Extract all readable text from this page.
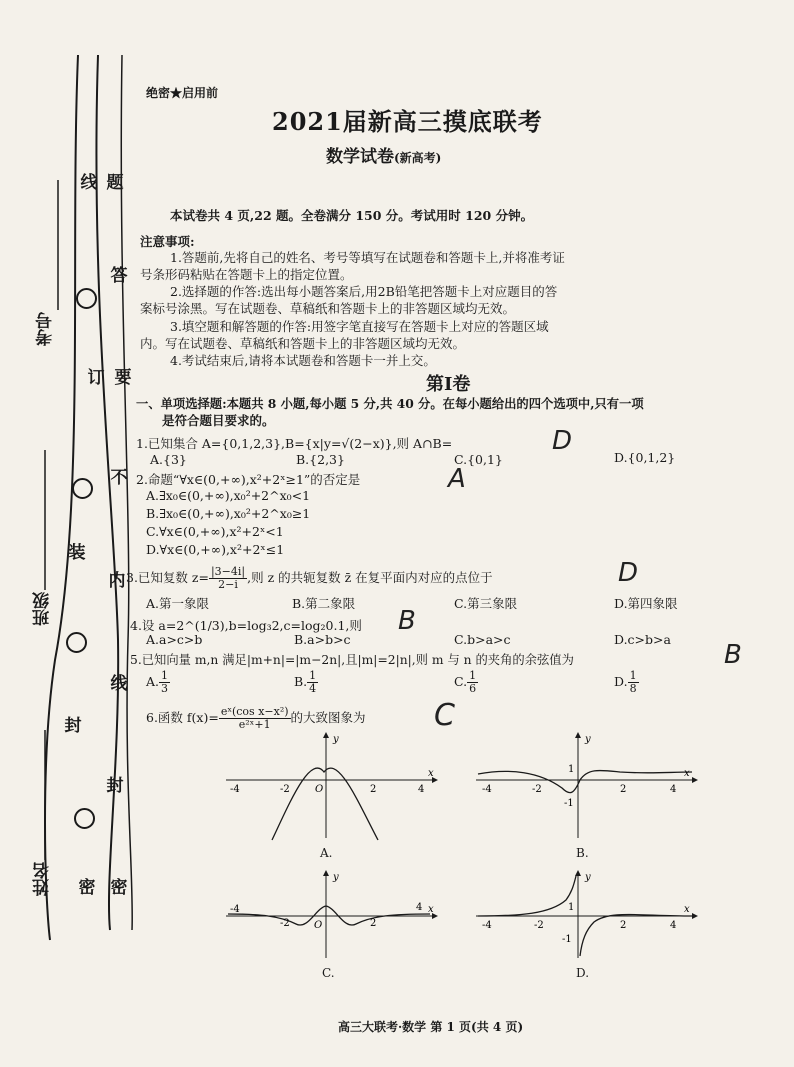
考号
班级
姓名
线
订
装
封
密
题
答
要
不
内
线
封
密
绝密★启用前
2021届新高三摸底联考
数学试卷(新高考)
本试卷共 4 页,22 题。全卷满分 150 分。考试用时 120 分钟。
注意事项:
1.答题前,先将自己的姓名、考号等填写在试题卷和答题卡上,并将准考证
号条形码粘贴在答题卡上的指定位置。
2.选择题的作答:选出每小题答案后,用2B铅笔把答题卡上对应题目的答
案标号涂黑。写在试题卷、草稿纸和答题卡上的非答题区域均无效。
3.填空题和解答题的作答:用签字笔直接写在答题卡上对应的答题区域
内。写在试题卷、草稿纸和答题卡上的非答题区域均无效。
4.考试结束后,请将本试题卷和答题卡一并上交。
第Ⅰ卷
一、单项选择题:本题共 8 小题,每小题 5 分,共 40 分。在每小题给出的四个选项中,只有一项
是符合题目要求的。
1.已知集合 A={0,1,2,3},B={x|y=√(2−x)},则 A∩B=	D
A.{3}	B.{2,3}	C.{0,1}	D.{0,1,2}
2.命题“∀x∈(0,+∞),x²+2ˣ≥1”的否定是	A
A.∃x₀∈(0,+∞),x₀²+2^x₀<1
B.∃x₀∈(0,+∞),x₀²+2^x₀≥1
C.∀x∈(0,+∞),x²+2ˣ<1
D.∀x∈(0,+∞),x²+2ˣ≤1
3.已知复数 $z= \frac{|3-4i|}{2-i}$ ,则 z 的共轭复数 z̄ 在复平面内对应的点位于	D
A.第一象限	B.第二象限	C.第三象限	D.第四象限
4.设 a=2^(1/3),b=log₃2,c=log₂0.1,则 B
A.a>c>b	B.a>b>c	C.b>a>c	D.c>b>a
5.已知向量 m,n 满足|m+n|=|m−2n|,且|m|=2|n|,则 m 与 n 的夹角的余弦值为	B
A. $\frac{1}{3}$	B. $\frac{1}{4}$	C. $\frac{1}{6}$	D. $\frac{1}{8}$
6.函数 $f(x)= \frac{\text{eˣ(cos x−x²)}}{\text{e²ˣ+1}}$ 的大致图象为 C
-4	-2	2	4
O
y
x
A.
-4	-2	2	4
1
-1
y
x
B.
-4
-2	2
4
O
y
x
C.
-4	-2	2	4
1
-1
y
x
D.
高三大联考·数学 第 1 页(共 4 页)
